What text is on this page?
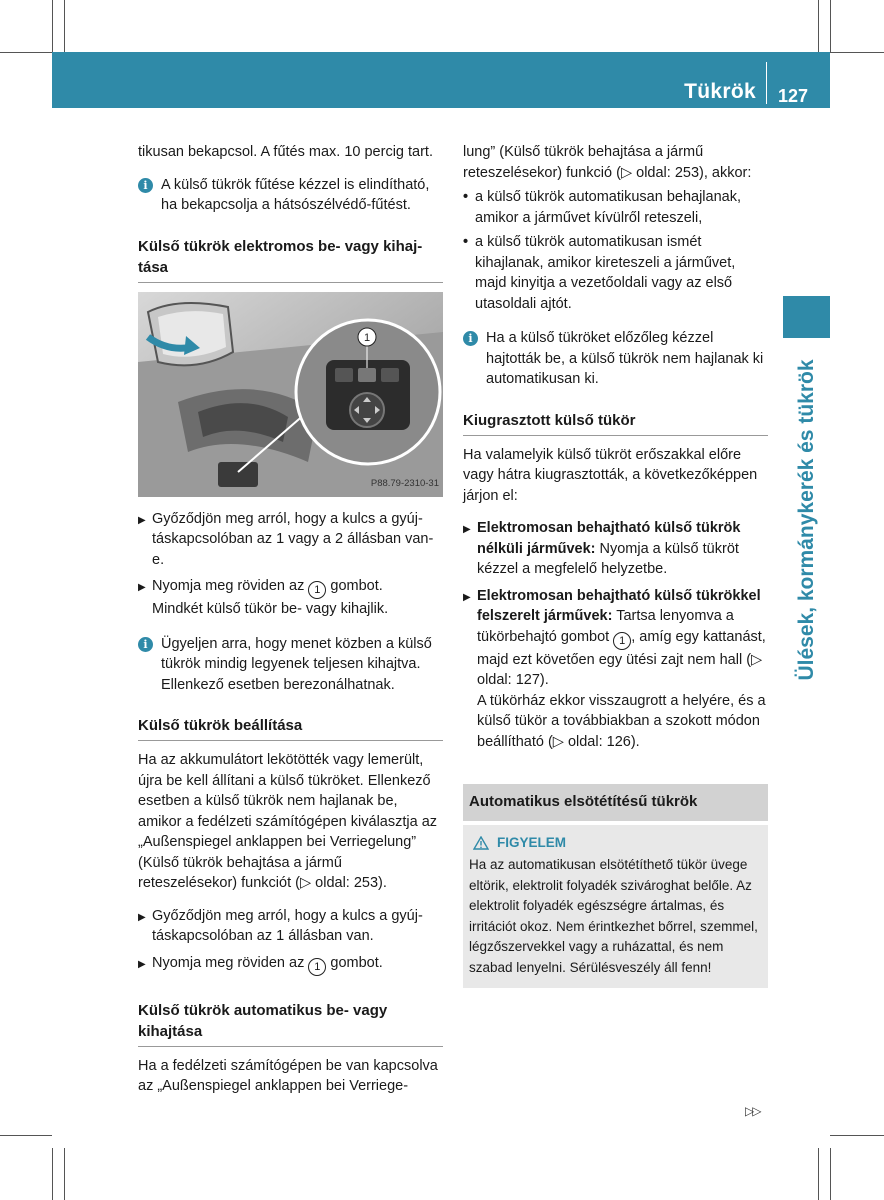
Tükrök 127
Ülések, kormánykerék és tükrök

tikusan bekapcsol. A fűtés max. 10 percig tart.

i A külső tükrök fűtése kézzel is elindítható, ha bekapcsolja a hátsószélvédő-fűtést.

Külső tükrök elektromos be- vagy kihaj-tása
1
P88.79-2310-31
▶ Győződjön meg arról, hogy a kulcs a gyúj-táskapcsolóban az 1 vagy a 2 állásban van-e.

▶ Nyomja meg röviden az 1 gombot.
Mindkét külső tükör be- vagy kihajlik.

i Ügyeljen arra, hogy menet közben a külső tükrök mindig legyenek teljesen kihajtva. Ellenkező esetben berezonálhatnak.

Külső tükrök beállítása

Ha az akkumulátort lekötötték vagy lemerült, újra be kell állítani a külső tükröket. Ellenkező esetben a külső tükrök nem hajlanak be, amikor a fedélzeti számítógépen kiválasztja az „Außenspiegel anklappen bei Verriegelung” (Külső tükrök behajtása a jármű reteszelésekor) funkciót (▷ oldal: 253).

▶ Győződjön meg arról, hogy a kulcs a gyúj-táskapcsolóban az 1 állásban van.

▶ Nyomja meg röviden az 1 gombot.

Külső tükrök automatikus be- vagy kihajtása

Ha a fedélzeti számítógépen be van kapcsolva az „Außenspiegel anklappen bei Verriege-

lung” (Külső tükrök behajtása a jármű reteszelésekor) funkció (▷ oldal: 253), akkor:

• a külső tükrök automatikusan behajlanak, amikor a járművet kívülről reteszeli,

• a külső tükrök automatikusan ismét kihajlanak, amikor kireteszeli a járművet, majd kinyitja a vezetőoldali vagy az első utasoldali ajtót.

i Ha a külső tükröket előzőleg kézzel hajtották be, a külső tükrök nem hajlanak ki automatikusan ki.

Kiugrasztott külső tükör

Ha valamelyik külső tükröt erőszakkal előre vagy hátra kiugrasztották, a következőképpen járjon el:

▶ Elektromosan behajtható külső tükrök nélküli járművek: Nyomja a külső tükröt kézzel a megfelelő helyzetbe.

▶ Elektromosan behajtható külső tükrökkel felszerelt járművek: Tartsa lenyomva a tükörbehajtó gombot 1 , amíg egy kattanást, majd ezt követően egy ütési zajt nem hall (▷ oldal: 127).
A tükörház ekkor visszaugrott a helyére, és a külső tükör a továbbiakban a szokott módon beállítható (▷ oldal: 126).

Automatikus elsötétítésű tükrök
FIGYELEM

Ha az automatikusan elsötétíthető tükör üvege eltörik, elektrolit folyadék szivároghat belőle. Az elektrolit folyadék egészségre ártalmas, és irritációt okoz. Nem érintkezhet bőrrel, szemmel, légzőszervekkel vagy a ruházattal, és nem szabad lenyelni. Sérülésveszély áll fenn!

▷▷
